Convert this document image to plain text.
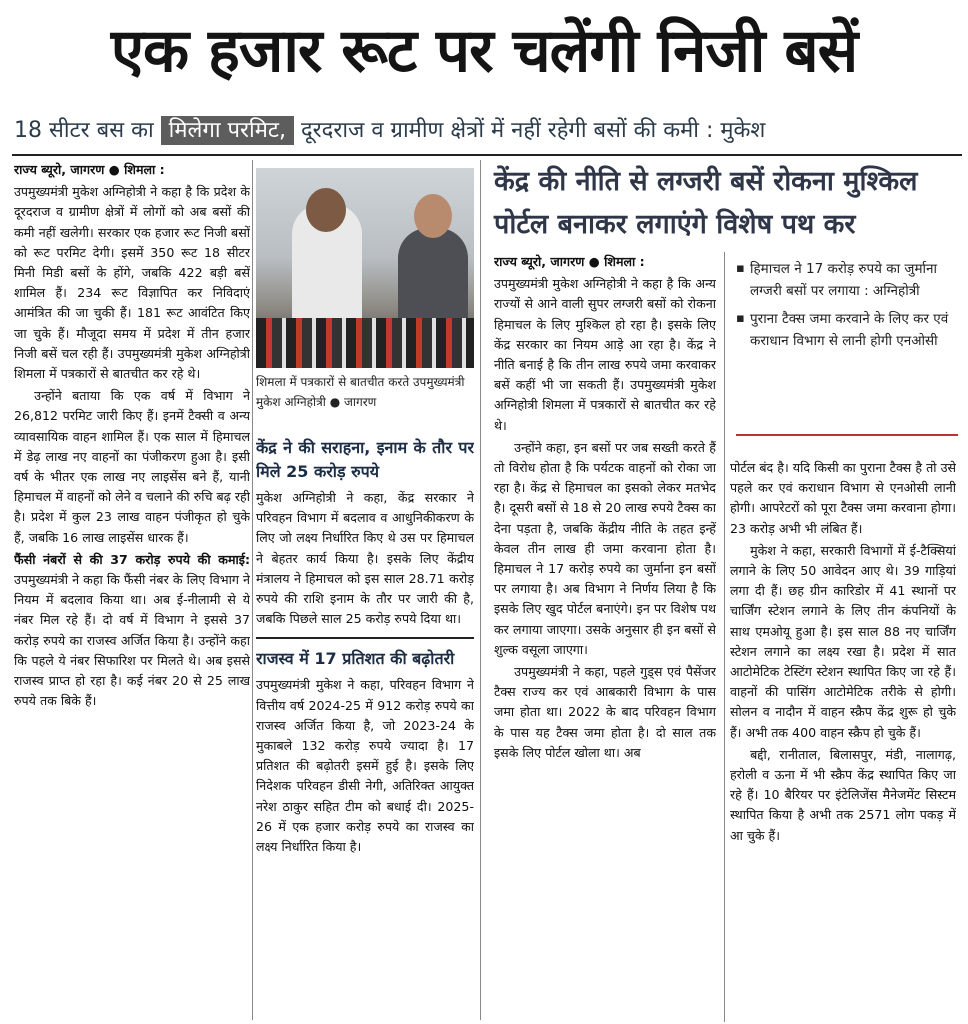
एक हजार रूट पर चलेंगी निजी बसें
18 सीटर बस का मिलेगा परमिट, दूरदराज व ग्रामीण क्षेत्रों में नहीं रहेगी बसों की कमी : मुकेश

राज्य ब्यूरो, जागरण ● शिमला :

उपमुख्यमंत्री मुकेश अग्निहोत्री ने कहा है कि प्रदेश के दूरदराज व ग्रामीण क्षेत्रों में लोगों को अब बसों की कमी नहीं खलेगी। सरकार एक हजार रूट निजी बसों को रूट परमिट देगी। इसमें 350 रूट 18 सीटर मिनी मिडी बसों के होंगे, जबकि 422 बड़ी बसें शामिल हैं। 234 रूट विज्ञापित कर निविदाएं आमंत्रित की जा चुकी हैं। 181 रूट आवंटित किए जा चुके हैं। मौजूदा समय में प्रदेश में तीन हजार निजी बसें चल रही हैं। उपमुख्यमंत्री मुकेश अग्निहोत्री शिमला में पत्रकारों से बातचीत कर रहे थे।

उन्होंने बताया कि एक वर्ष में विभाग ने 26,812 परमिट जारी किए हैं। इनमें टैक्सी व अन्य व्यावसायिक वाहन शामिल हैं। एक साल में हिमाचल में डेढ़ लाख नए वाहनों का पंजीकरण हुआ है। इसी वर्ष के भीतर एक लाख नए लाइसेंस बने हैं, यानी हिमाचल में वाहनों को लेने व चलाने की रुचि बढ़ रही है। प्रदेश में कुल 23 लाख वाहन पंजीकृत हो चुके हैं, जबकि 16 लाख लाइसेंस धारक हैं।

फैंसी नंबरों से की 37 करोड़ रुपये की कमाई: उपमुख्यमंत्री ने कहा कि फैंसी नंबर के लिए विभाग ने नियम में बदलाव किया था। अब ई-नीलामी से ये नंबर मिल रहे हैं। दो वर्ष में विभाग ने इससे 37 करोड़ रुपये का राजस्व अर्जित किया है। उन्होंने कहा कि पहले ये नंबर सिफारिश पर मिलते थे। अब इससे राजस्व प्राप्त हो रहा है। कई नंबर 20 से 25 लाख रुपये तक बिके हैं।

शिमला में पत्रकारों से बातचीत करते उपमुख्यमंत्री मुकेश अग्निहोत्री ● जागरण
केंद्र ने की सराहना, इनाम के तौर पर मिले 25 करोड़ रुपये

मुकेश अग्निहोत्री ने कहा, केंद्र सरकार ने परिवहन विभाग में बदलाव व आधुनिकीकरण के लिए जो लक्ष्य निर्धारित किए थे उस पर हिमाचल ने बेहतर कार्य किया है। इसके लिए केंद्रीय मंत्रालय ने हिमाचल को इस साल 28.71 करोड़ रुपये की राशि इनाम के तौर पर जारी की है, जबकि पिछले साल 25 करोड़ रुपये दिया था।

राजस्व में 17 प्रतिशत की बढ़ोतरी

उपमुख्यमंत्री मुकेश ने कहा, परिवहन विभाग ने वित्तीय वर्ष 2024-25 में 912 करोड़ रुपये का राजस्व अर्जित किया है, जो 2023-24 के मुकाबले 132 करोड़ रुपये ज्यादा है। 17 प्रतिशत की बढ़ोतरी इसमें हुई है। इसके लिए निदेशक परिवहन डीसी नेगी, अतिरिक्त आयुक्त नरेश ठाकुर सहित टीम को बधाई दी। 2025-26 में एक हजार करोड़ रुपये का राजस्व का लक्ष्य निर्धारित किया है।

केंद्र की नीति से लग्जरी बसें रोकना मुश्किल
पोर्टल बनाकर लगाएंगे विशेष पथ कर

राज्य ब्यूरो, जागरण ● शिमला :

उपमुख्यमंत्री मुकेश अग्निहोत्री ने कहा है कि अन्य राज्यों से आने वाली सुपर लग्जरी बसों को रोकना हिमाचल के लिए मुश्किल हो रहा है। इसके लिए केंद्र सरकार का नियम आड़े आ रहा है। केंद्र ने नीति बनाई है कि तीन लाख रुपये जमा करवाकर बसें कहीं भी जा सकती हैं। उपमुख्यमंत्री मुकेश अग्निहोत्री शिमला में पत्रकारों से बातचीत कर रहे थे।

उन्होंने कहा, इन बसों पर जब सख्ती करते हैं तो विरोध होता है कि पर्यटक वाहनों को रोका जा रहा है। केंद्र से हिमाचल का इसको लेकर मतभेद है। दूसरी बसों से 18 से 20 लाख रुपये टैक्स का देना पड़ता है, जबकि केंद्रीय नीति के तहत इन्हें केवल तीन लाख ही जमा करवाना होता है। हिमाचल ने 17 करोड़ रुपये का जुर्माना इन बसों पर लगाया है। अब विभाग ने निर्णय लिया है कि इसके लिए खुद पोर्टल बनाएंगे। इन पर विशेष पथ कर लगाया जाएगा। उसके अनुसार ही इन बसों से शुल्क वसूला जाएगा।

उपमुख्यमंत्री ने कहा, पहले गुड्स एवं पैसेंजर टैक्स राज्य कर एवं आबकारी विभाग के पास जमा होता था। 2022 के बाद परिवहन विभाग के पास यह टैक्स जमा होता है। दो साल तक इसके लिए पोर्टल खोला था। अब

▪ हिमाचल ने 17 करोड़ रुपये का जुर्माना लग्जरी बसों पर लगाया : अग्निहोत्री
▪ पुराना टैक्स जमा करवाने के लिए कर एवं कराधान विभाग से लानी होगी एनओसी

पोर्टल बंद है। यदि किसी का पुराना टैक्स है तो उसे पहले कर एवं कराधान विभाग से एनओसी लानी होगी। आपरेटरों को पूरा टैक्स जमा करवाना होगा। 23 करोड़ अभी भी लंबित हैं।

मुकेश ने कहा, सरकारी विभागों में ई-टैक्सियां लगाने के लिए 50 आवेदन आए थे। 39 गाड़ियां लगा दी हैं। छह ग्रीन कारिडोर में 41 स्थानों पर चार्जिंग स्टेशन लगाने के लिए तीन कंपनियों के साथ एमओयू हुआ है। इस साल 88 नए चार्जिंग स्टेशन लगाने का लक्ष्य रखा है। प्रदेश में सात आटोमेटिक टेस्टिंग स्टेशन स्थापित किए जा रहे हैं। वाहनों की पासिंग आटोमेटिक तरीके से होगी। सोलन व नादौन में वाहन स्क्रैप केंद्र शुरू हो चुके हैं। अभी तक 400 वाहन स्क्रैप हो चुके हैं।

बद्दी, रानीताल, बिलासपुर, मंडी, नालागढ़, हरोली व ऊना में भी स्क्रैप केंद्र स्थापित किए जा रहे हैं। 10 बैरियर पर इंटेलिजेंस मैनेजमेंट सिस्टम स्थापित किया है अभी तक 2571 लोग पकड़ में आ चुके हैं।
